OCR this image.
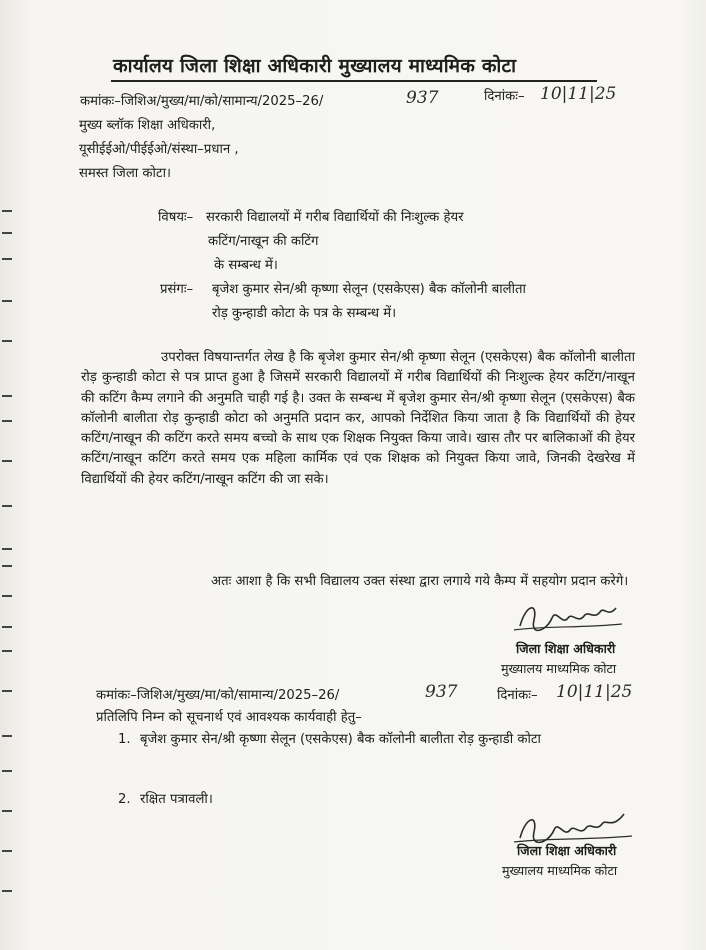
कार्यालय जिला शिक्षा अधिकारी मुख्यालय माध्यमिक कोटा
कमांकः–जिशिअ/मुख्य/मा/को/सामान्य/2025–26/	937	दिनांकः– 10|11|25
मुख्य ब्लॉक शिक्षा अधिकारी,
यूसीईईओ/पीईईओ/संस्था–प्रधान ,
समस्त जिला कोटा।
विषयः– सरकारी विद्यालयों में गरीब विद्यार्थियों की निःशुल्क हेयर
कटिंग/नाखून की कटिंग
के सम्बन्ध में।
प्रसंगः– बृजेश कुमार सेन/श्री कृष्णा सेलून (एसकेएस) बैक कॉलोनी बालीता
रोड़ कुन्हाडी कोटा के पत्र के सम्बन्ध में।

उपरोक्त विषयान्तर्गत लेख है कि बृजेश कुमार सेन/श्री कृष्णा सेलून (एसकेएस) बैक कॉलोनी बालीता रोड़ कुन्हाडी कोटा से पत्र प्राप्त हुआ है जिसमें सरकारी विद्यालयों में गरीब विद्यार्थियों की निःशुल्क हेयर कटिंग/नाखून की कटिंग कैम्प लगाने की अनुमति चाही गई है। उक्त के सम्बन्ध में बृजेश कुमार सेन/श्री कृष्णा सेलून (एसकेएस) बैक कॉलोनी बालीता रोड़ कुन्हाडी कोटा को अनुमति प्रदान कर, आपको निर्देशित किया जाता है कि विद्यार्थियों की हेयर कटिंग/नाखून की कटिंग करते समय बच्चो के साथ एक शिक्षक नियुक्त किया जावे। खास तौर पर बालिकाओं की हेयर कटिंग/नाखून कटिंग करते समय एक महिला कार्मिक एवं एक शिक्षक को नियुक्त किया जावे, जिनकी देखरेख में विद्यार्थियों की हेयर कटिंग/नाखून कटिंग की जा सके।

अतः आशा है कि सभी विद्यालय उक्त संस्था द्वारा लगाये गये कैम्प में सहयोग प्रदान करेगे।

जिला शिक्षा अधिकारी
मुख्यालय माध्यमिक कोटा
कमांकः–जिशिअ/मुख्य/मा/को/सामान्य/2025–26/	937	दिनांकः– 10|11|25
प्रतिलिपि निम्न को सूचनार्थ एवं आवश्यक कार्यवाही हेतु–
1. बृजेश कुमार सेन/श्री कृष्णा सेलून (एसकेएस) बैक कॉलोनी बालीता रोड़ कुन्हाडी कोटा
2. रक्षित पत्रावली।
जिला शिक्षा अधिकारी
मुख्यालय माध्यमिक कोटा
